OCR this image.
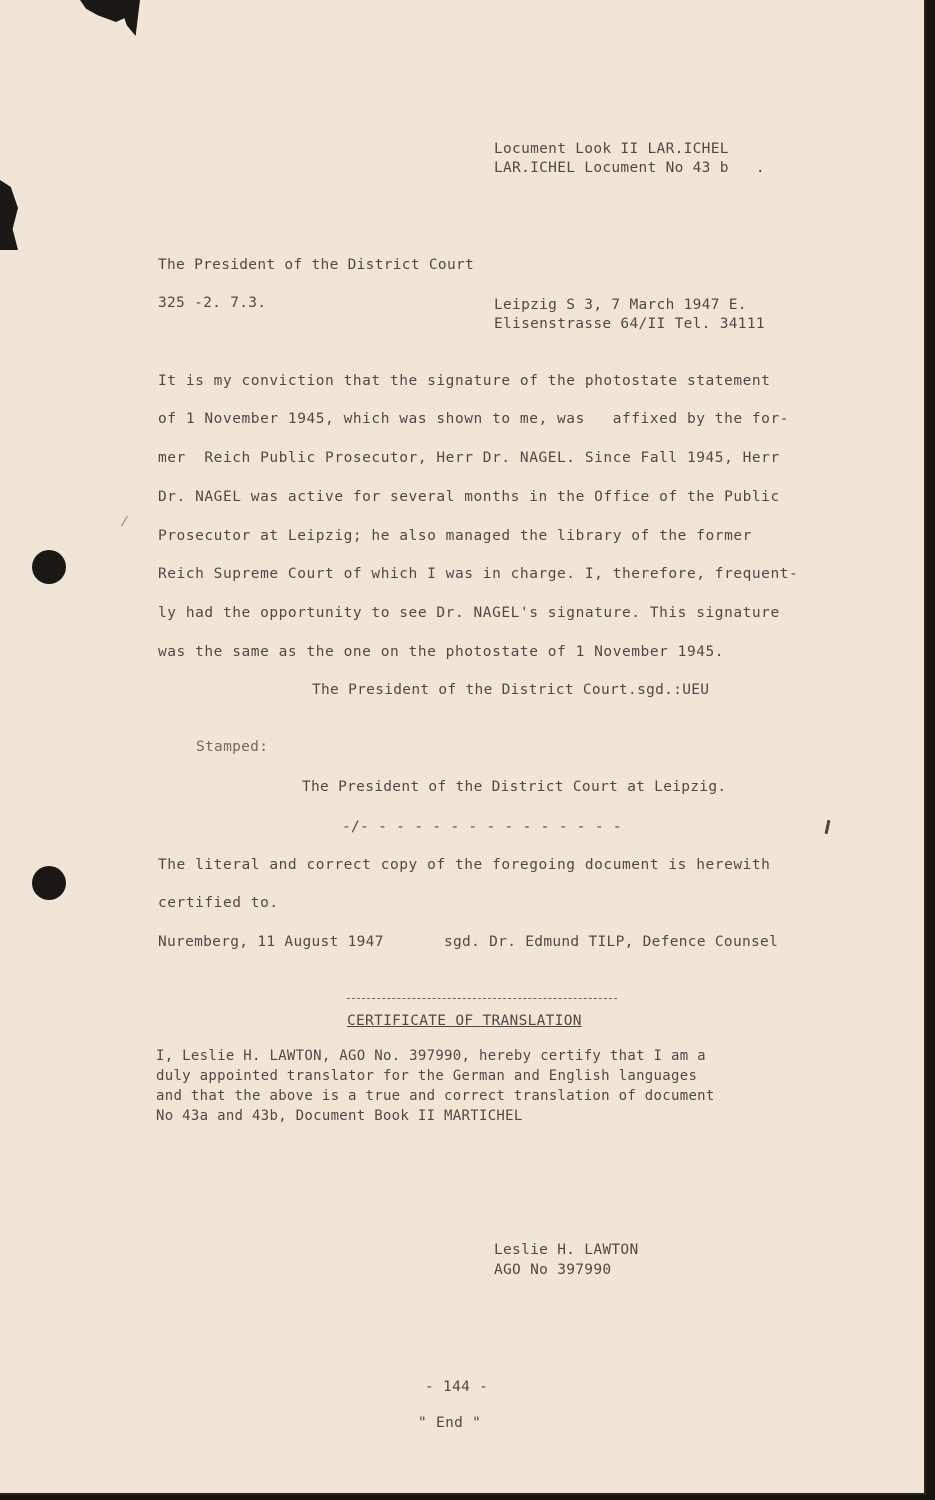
Locument Look II LAR.ICHEL
LAR.ICHEL Locument No 43 b   .
The President of the District Court
325 -2. 7.3.	Leipzig S 3, 7 March 1947 E.
Elisenstrasse 64/II Tel. 34111
It is my conviction that the signature of the photostate statement
of 1 November 1945, which was shown to me, was   affixed by the for-
mer  Reich Public Prosecutor, Herr Dr. NAGEL. Since Fall 1945, Herr
Dr. NAGEL was active for several months in the Office of the Public
Prosecutor at Leipzig; he also managed the library of the former
Reich Supreme Court of which I was in charge. I, therefore, frequent-
ly had the opportunity to see Dr. NAGEL's signature. This signature
was the same as the one on the photostate of 1 November 1945.
The President of the District Court.sgd.:UEU
Stamped:
The President of the District Court at Leipzig.
-/- - - - - - - - - - - - - - -
The literal and correct copy of the foregoing document is herewith
certified to.
Nuremberg, 11 August 1947	sgd. Dr. Edmund TILP, Defence Counsel
CERTIFICATE OF TRANSLATION
I, Leslie H. LAWTON, AGO No. 397990, hereby certify that I am a
duly appointed translator for the German and English languages
and that the above is a true and correct translation of document
No 43a and 43b, Document Book II MARTICHEL
Leslie H. LAWTON
AGO No 397990
- 144 -
" End "
